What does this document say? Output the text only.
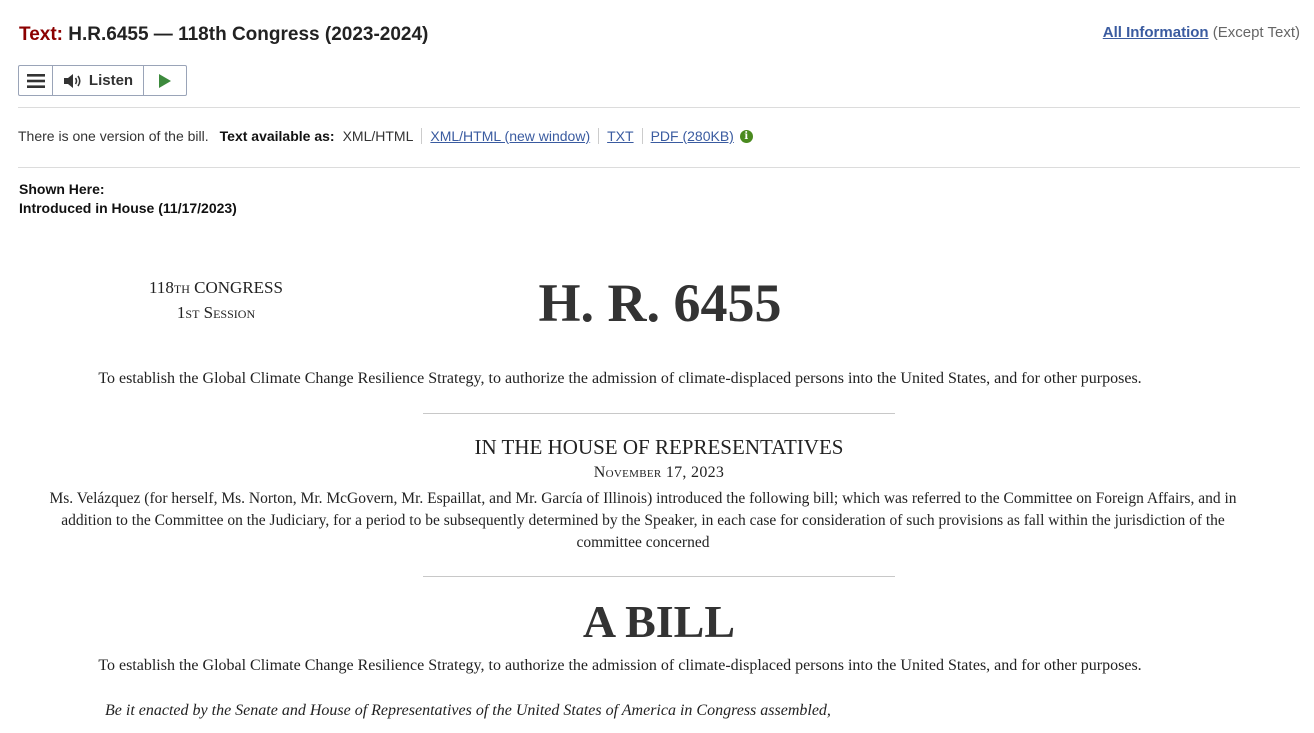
Text: H.R.6455 — 118th Congress (2023-2024)	All Information (Except Text)
Listen
There is one version of the bill. Text available as: XML/HTML	XML/HTML (new window)	TXT	PDF (280KB)	i
Shown Here:
Introduced in House (11/17/2023)
118th CONGRESS
1st Session	H. R. 6455
To establish the Global Climate Change Resilience Strategy, to authorize the admission of climate-displaced persons into the United States, and for other purposes.
IN THE HOUSE OF REPRESENTATIVES
November 17, 2023
Ms. Velázquez (for herself, Ms. Norton, Mr. McGovern, Mr. Espaillat, and Mr. García of Illinois) introduced the following bill; which was referred to the Committee on Foreign Affairs, and in addition to the Committee on the Judiciary, for a period to be subsequently determined by the Speaker, in each case for consideration of such provisions as fall within the jurisdiction of the committee concerned
A BILL
To establish the Global Climate Change Resilience Strategy, to authorize the admission of climate-displaced persons into the United States, and for other purposes.
Be it enacted by the Senate and House of Representatives of the United States of America in Congress assembled,
